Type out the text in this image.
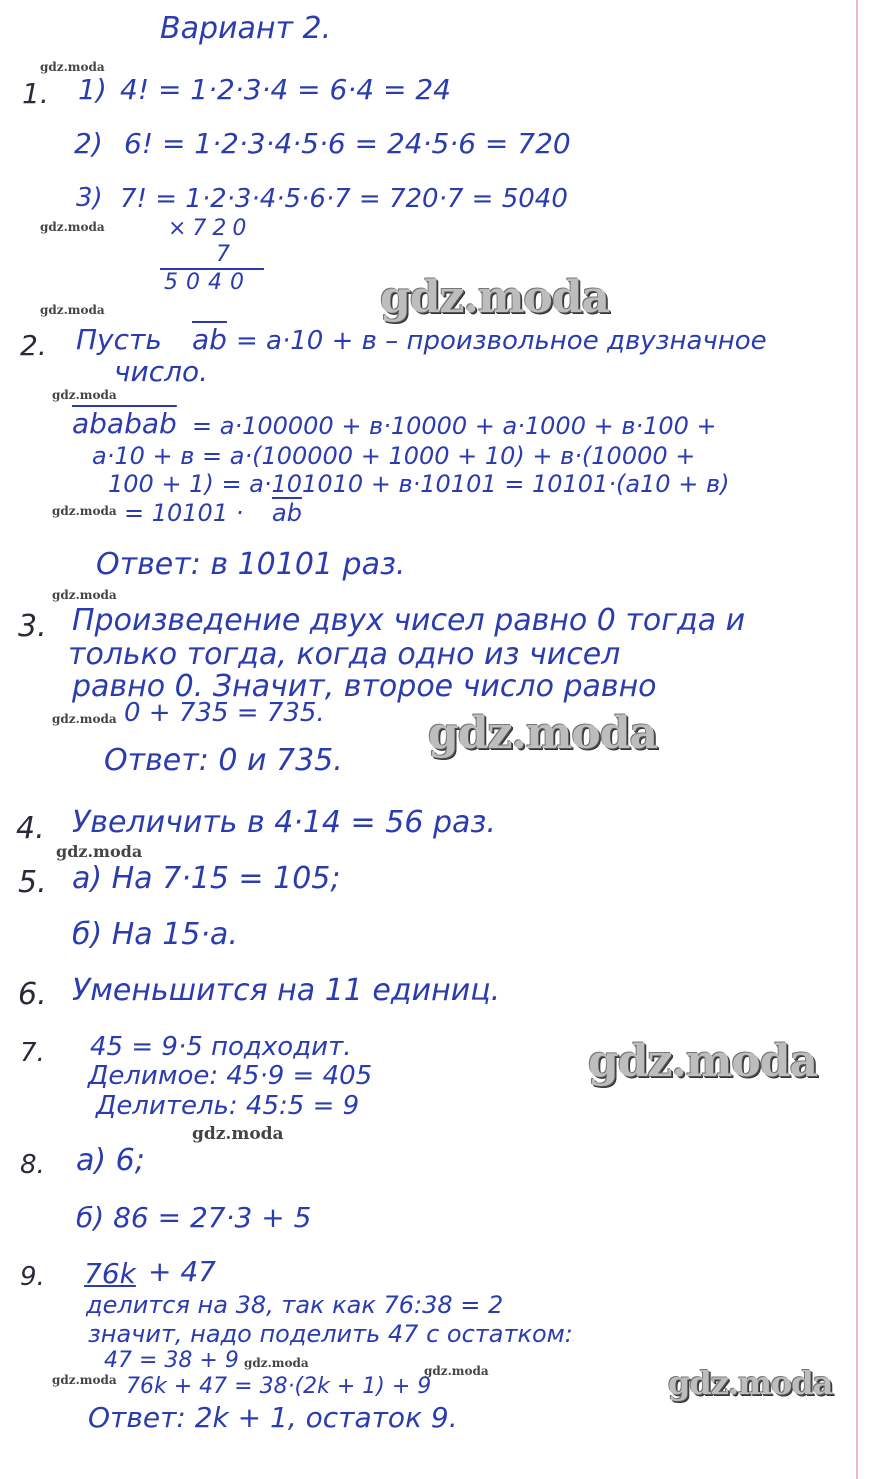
Вариант 2.
1. 1) 4! = 1·2·3·4 = 6·4 = 24
2) 6! = 1·2·3·4·5·6 = 24·5·6 = 720
3) 7! = 1·2·3·4·5·6·7 = 720·7 = 5040
×720
7
5040
2. Пусть $\overline{ab} = a\cdot 10 + в$ – произвольное двузначное
число.
ababab = a·100000 + в·10000 + a·1000 + в·100 +
a·10 + в = a·(100000 + 1000 + 10) + в·(10000 +
100 + 1) = a·101010 + в·10101 = 10101·(a10 + в)
= $10101 \cdot \overline{ab}$
Ответ: в 10101 раз.
3. Произведение двух чисел равно 0 тогда и
только тогда, когда одно из чисел
равно 0. Значит, второе число равно
0 + 735 = 735.
Ответ: 0 и 735.
4. Увеличить в 4·14 = 56 раз.
5. а) На 7·15 = 105;
б) На 15·a.
6. Уменьшится на 11 единиц.
7. 45 = 9·5 подходит.
Делимое: 45·9 = 405
Делитель: 45:5 = 9
8. а) 6;
б) 86 = 27·3 + 5
9. 76k + 47
делится на 38, так как 76:38 = 2
значит, надо поделить 47 с остатком:
47 = 38 + 9
76k + 47 = 38·(2k + 1) + 9
Ответ: 2k + 1, остаток 9.
gdz.moda
gdz.moda
gdz.moda
gdz.moda
gdz.moda
gdz.moda
gdz.moda
gdz.moda
gdz.moda
gdz.moda
gdz.moda
gdz.moda
gdz.moda
gdz.moda
gdz.moda
gdz.moda
